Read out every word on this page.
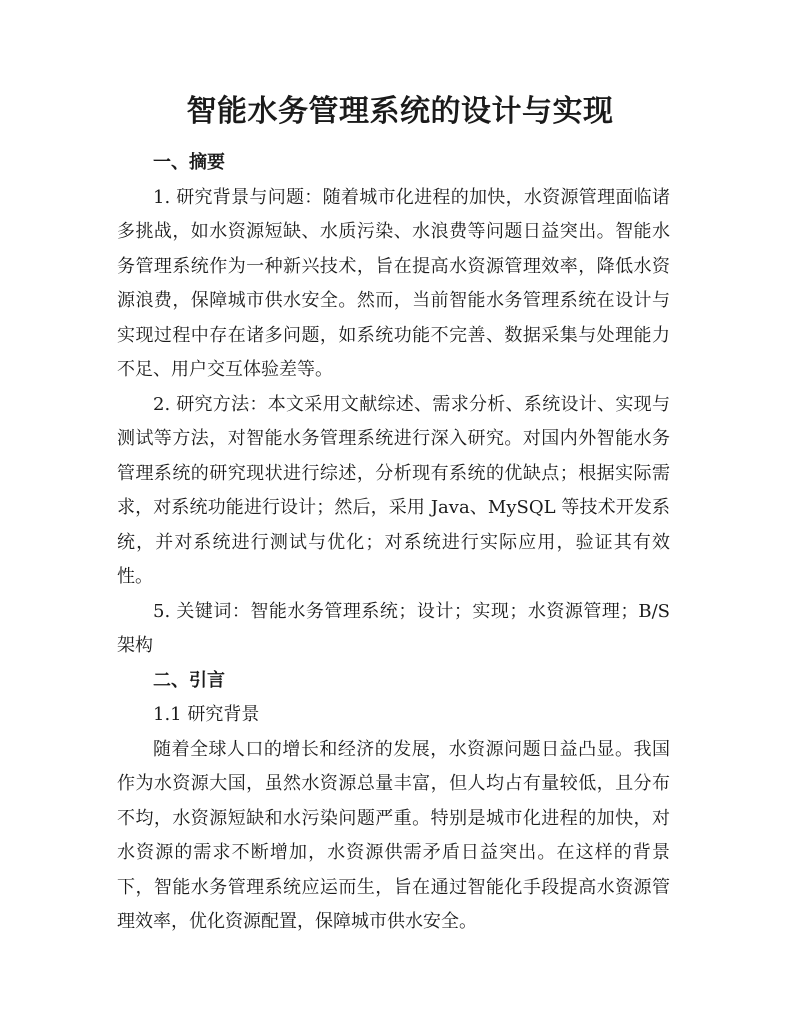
智能水务管理系统的设计与实现

一、摘要

1. 研究背景与问题：随着城市化进程的加快，水资源管理面临诸多挑战，如水资源短缺、水质污染、水浪费等问题日益突出。智能水务管理系统作为一种新兴技术，旨在提高水资源管理效率，降低水资源浪费，保障城市供水安全。然而，当前智能水务管理系统在设计与实现过程中存在诸多问题，如系统功能不完善、数据采集与处理能力不足、用户交互体验差等。

2. 研究方法：本文采用文献综述、需求分析、系统设计、实现与测试等方法，对智能水务管理系统进行深入研究。对国内外智能水务管理系统的研究现状进行综述，分析现有系统的优缺点；根据实际需求，对系统功能进行设计；然后，采用 Java、MySQL 等技术开发系统，并对系统进行测试与优化；对系统进行实际应用，验证其有效性。

5. 关键词：智能水务管理系统；设计；实现；水资源管理；B/S 架构

二、引言

1.1 研究背景

随着全球人口的增长和经济的发展，水资源问题日益凸显。我国作为水资源大国，虽然水资源总量丰富，但人均占有量较低，且分布不均，水资源短缺和水污染问题严重。特别是城市化进程的加快，对水资源的需求不断增加，水资源供需矛盾日益突出。在这样的背景下，智能水务管理系统应运而生，旨在通过智能化手段提高水资源管理效率，优化资源配置，保障城市供水安全。
